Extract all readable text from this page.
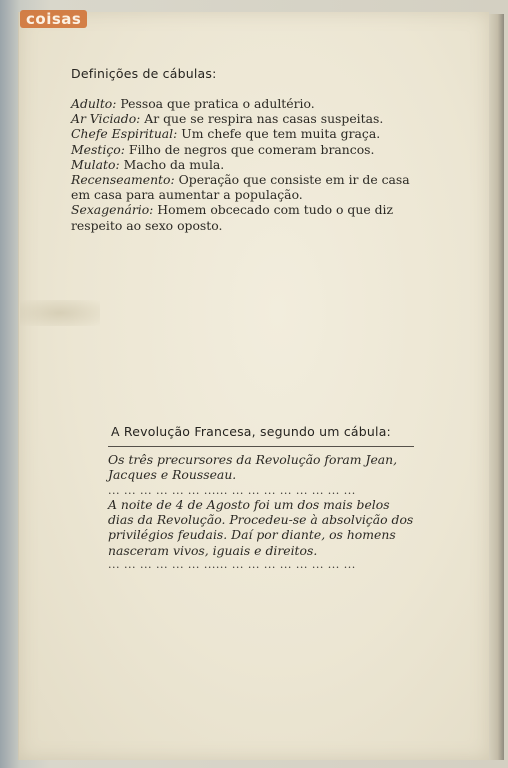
coisas
Definições de cábulas:

Adulto: Pessoa que pratica o adultério.

Ar Viciado: Ar que se respira nas casas suspeitas.

Chefe Espiritual: Um chefe que tem muita graça.

Mestiço: Filho de negros que comeram brancos.

Mulato: Macho da mula.

Recenseamento: Operação que consiste em ir de casa em casa para aumentar a população.

Sexagenário: Homem obcecado com tudo o que diz respeito ao sexo oposto.

A Revolução Francesa, segundo um cábula:
Os três precursores da Revolução foram Jean, Jacques e Rousseau.
... ... ... ... ... ... ...... ... ... ... ... ... ... ... ...
A noite de 4 de Agosto foi um dos mais belos dias da Revolução. Procedeu-se à absolvição dos privilégios feudais. Daí por diante, os homens nasceram vivos, iguais e direitos.
... ... ... ... ... ... ...... ... ... ... ... ... ... ... ...
